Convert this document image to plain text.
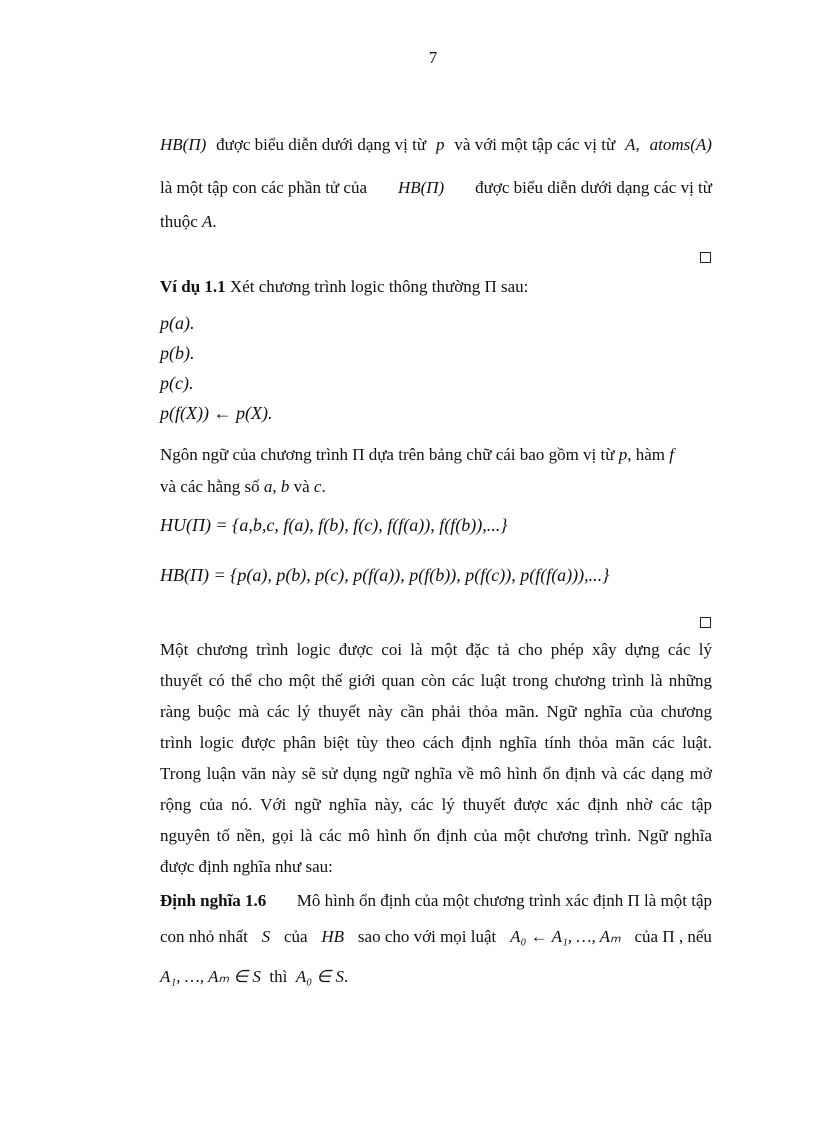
7
HB(Π) được biểu diễn dưới dạng vị từ p và với một tập các vị từ A, atoms(A)
là một tập con các phần tử của HB(Π) được biểu diễn dưới dạng các vị từ
thuộc A.
Ví dụ 1.1 Xét chương trình logic thông thường Π sau:
p(a).
p(b).
p(c).
p(f(X)) ← p(X).
Ngôn ngữ của chương trình Π dựa trên bảng chữ cái bao gồm vị từ p, hàm f
và các hằng số a, b và c.
HU(Π) = {a,b,c, f(a), f(b), f(c), f(f(a)), f(f(b)),...}
HB(Π) = {p(a), p(b), p(c), p(f(a)), p(f(b)), p(f(c)), p(f(f(a))),...}
Một chương trình logic được coi là một đặc tả cho phép xây dựng các lý
thuyết có thể cho một thế giới quan còn các luật trong chương trình là những
ràng buộc mà các lý thuyết này cần phải thỏa mãn. Ngữ nghĩa của chương
trình logic được phân biệt tùy theo cách định nghĩa tính thỏa mãn các luật.
Trong luận văn này sẽ sử dụng ngữ nghĩa về mô hình ổn định và các dạng mở
rộng của nó. Với ngữ nghĩa này, các lý thuyết được xác định nhờ các tập
nguyên tố nền, gọi là các mô hình ổn định của một chương trình. Ngữ nghĩa
được định nghĩa như sau:
Định nghĩa 1.6 Mô hình ổn định của một chương trình xác định Π là một tập
con nhỏ nhất S của HB sao cho với mọi luật A₀ ← A₁, …, Aₘ của Π , nếu
A₁, …, Aₘ ∈ S thì A₀ ∈ S.
